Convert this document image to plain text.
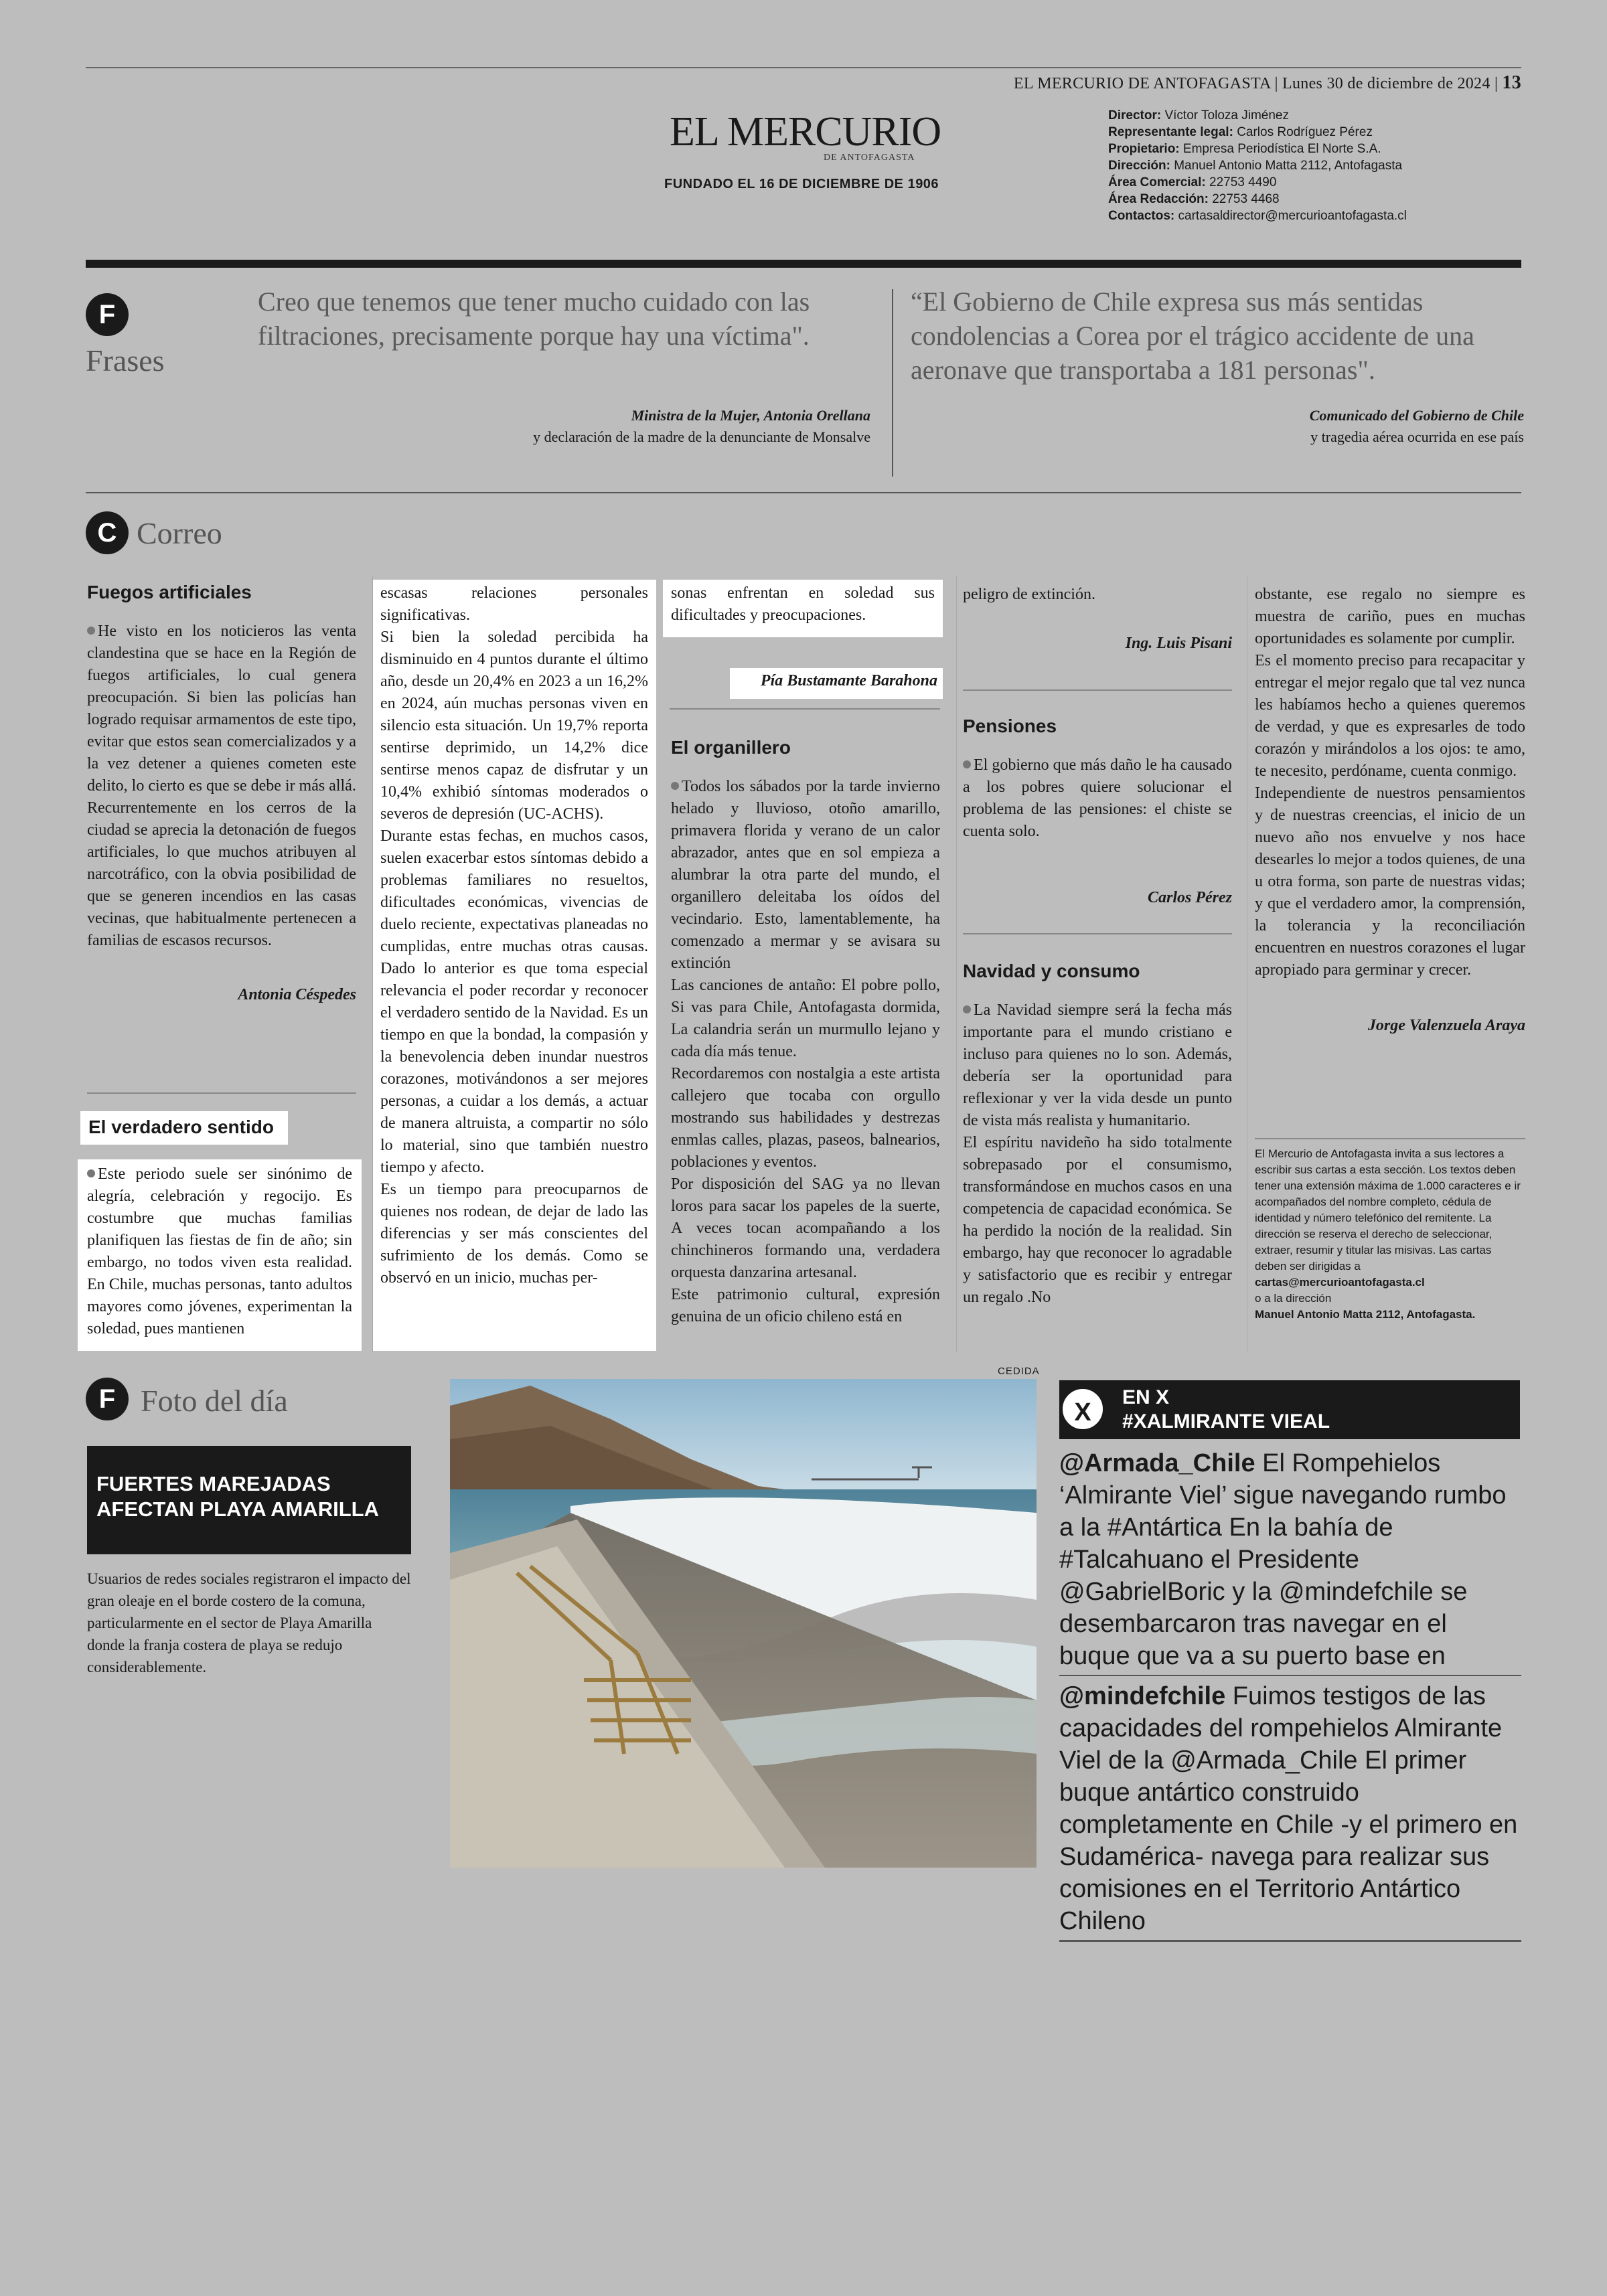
EL MERCURIO DE ANTOFAGASTA | Lunes 30 de diciembre de 2024 | 13
EL MERCURIO
DE ANTOFAGASTA
FUNDADO EL 16 DE DICIEMBRE DE 1906
Director: Víctor Toloza Jiménez
Representante legal: Carlos Rodríguez Pérez
Propietario: Empresa Periodística El Norte S.A.
Dirección: Manuel Antonio Matta 2112, Antofagasta
Área Comercial: 22753 4490
Área Redacción: 22753 4468
Contactos: cartasaldirector@mercurioantofagasta.cl
F
Frases
Creo que tenemos que tener mucho cuidado con las filtraciones, precisamente porque hay una víctima".
Ministra de la Mujer, Antonia Orellana
y declaración de la madre de la denunciante de Monsalve
“El Gobierno de Chile expresa sus más sentidas condolencias a Corea por el trágico accidente de una aeronave que transportaba a 181 personas".
Comunicado del Gobierno de Chile
y tragedia aérea ocurrida en ese país
C Correo
Fuegos artificiales

He visto en los noticieros las venta clandestina que se hace en la Región de fuegos artificiales, lo cual genera preocupación. Si bien las policías han logrado requisar armamentos de este tipo, evitar que estos sean comercializados y a la vez detener a quienes cometen este delito, lo cierto es que se debe ir más allá.

Recurrentemente en los cerros de la ciudad se aprecia la detonación de fuegos artificiales, lo que muchos atribuyen al narcotráfico, con la obvia posibilidad de que se generen incendios en las casas vecinas, que habitualmente pertenecen a familias de escasos recursos.

Antonia Céspedes
El verdadero sentido

Este periodo suele ser sinónimo de alegría, celebración y regocijo. Es costumbre que muchas familias planifiquen las fiestas de fin de año; sin embargo, no todos viven esta realidad. En Chile, muchas personas, tanto adultos mayores como jóvenes, experimentan la soledad, pues mantienen

escasas relaciones personales significativas.

Si bien la soledad percibida ha disminuido en 4 puntos durante el último año, desde un 20,4% en 2023 a un 16,2% en 2024, aún muchas personas viven en silencio esta situación. Un 19,7% reporta sentirse deprimido, un 14,2% dice sentirse menos capaz de disfrutar y un 10,4% exhibió síntomas moderados o severos de depresión (UC-ACHS).

Durante estas fechas, en muchos casos, suelen exacerbar estos síntomas debido a problemas familiares no resueltos, dificultades económicas, vivencias de duelo reciente, expectativas planeadas no cumplidas, entre muchas otras causas. Dado lo anterior es que toma especial relevancia el poder recordar y reconocer el verdadero sentido de la Navidad. Es un tiempo en que la bondad, la compasión y la benevolencia deben inundar nuestros corazones, motivándonos a ser mejores personas, a cuidar a los demás, a actuar de manera altruista, a compartir no sólo lo material, sino que también nuestro tiempo y afecto.

Es un tiempo para preocuparnos de quienes nos rodean, de dejar de lado las diferencias y ser más conscientes del sufrimiento de los demás. Como se observó en un inicio, muchas per-

sonas enfrentan en soledad sus dificultades y preocupaciones.

Pía Bustamante Barahona
El organillero

Todos los sábados por la tarde invierno helado y lluvioso, otoño amarillo, primavera florida y verano de un calor abrazador, antes que en sol empieza a alumbrar la otra parte del mundo, el organillero deleitaba los oídos del vecindario. Esto, lamentablemente, ha comenzado a mermar y se avisara su extinción

Las canciones de antaño: El pobre pollo, Si vas para Chile, Antofagasta dormida, La calandria serán un murmullo lejano y cada día más tenue.

Recordaremos con nostalgia a este artista callejero que tocaba con orgullo mostrando sus habilidades y destrezas enmlas calles, plazas, paseos, balnearios, poblaciones y eventos.

Por disposición del SAG ya no llevan loros para sacar los papeles de la suerte, A veces tocan acompañando a los chinchineros formando una, verdadera orquesta danzarina artesanal.

Este patrimonio cultural, expresión genuina de un oficio chileno está en

peligro de extinción.

Ing. Luis Pisani
Pensiones

El gobierno que más daño le ha causado a los pobres quiere solucionar el problema de las pensiones: el chiste se cuenta solo.

Carlos Pérez
Navidad y consumo

La Navidad siempre será la fecha más importante para el mundo cristiano e incluso para quienes no lo son. Además, debería ser la oportunidad para reflexionar y ver la vida desde un punto de vista más realista y humanitario.

El espíritu navideño ha sido totalmente sobrepasado por el consumismo, transformándose en muchos casos en una competencia de capacidad económica. Se ha perdido la noción de la realidad. Sin embargo, hay que reconocer lo agradable y satisfactorio que es recibir y entregar un regalo .No

obstante, ese regalo no siempre es muestra de cariño, pues en muchas oportunidades es solamente por cumplir.

Es el momento preciso para recapacitar y entregar el mejor regalo que tal vez nunca les habíamos hecho a quienes queremos de verdad, y que es expresarles de todo corazón y mirándolos a los ojos: te amo, te necesito, perdóname, cuenta conmigo.

Independiente de nuestros pensamientos y de nuestras creencias, el inicio de un nuevo año nos envuelve y nos hace desearles lo mejor a todos quienes, de una u otra forma, son parte de nuestras vidas; y que el verdadero amor, la comprensión, la tolerancia y la reconciliación encuentren en nuestros corazones el lugar apropiado para germinar y crecer.

Jorge Valenzuela Araya
El Mercurio de Antofagasta invita a sus lectores a escribir sus cartas a esta sección. Los textos deben tener una extensión máxima de 1.000 caracteres e ir acompañados del nombre completo, cédula de identidad y número telefónico del remitente. La dirección se reserva el derecho de seleccionar, extraer, resumir y titular las misivas. Las cartas deben ser dirigidas a
cartas@mercurioantofagasta.cl
o a la dirección
Manuel Antonio Matta 2112, Antofagasta.
F Foto del día
FUERTES MAREJADAS AFECTAN PLAYA AMARILLA
Usuarios de redes sociales registraron el impacto del gran oleaje en el borde costero de la comuna, particularmente en el sector de Playa Amarilla donde la franja costera de playa se redujo considerablemente.
CEDIDA
EN X
#XALMIRANTE VIEAL
X
@Armada_Chile El Rompehielos ‘Almirante Viel’ sigue navegando rumbo a la #Antártica En la bahía de #Talcahuano el Presidente @GabrielBoric y la @mindefchile se desembarcaron tras navegar en el buque que va a su puerto base en
@mindefchile Fuimos testigos de las capacidades del rompehielos Almirante Viel de la @Armada_Chile El primer buque antártico construido completamente en Chile -y el primero en Sudamérica- navega para realizar sus comisiones en el Territorio Antártico Chileno
